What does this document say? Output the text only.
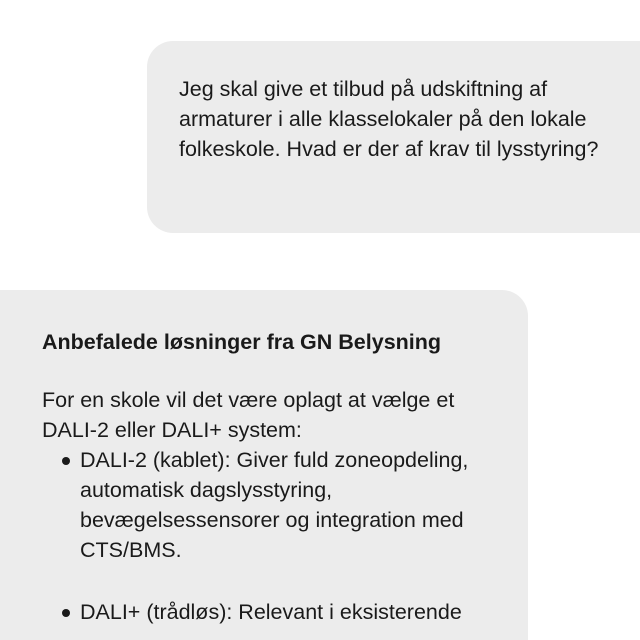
Jeg skal give et tilbud på udskiftning af armaturer i alle klasselokaler på den lokale folkeskole. Hvad er der af krav til lysstyring?

Anbefalede løsninger fra GN Belysning

For en skole vil det være oplagt at vælge et DALI-2 eller DALI+ system:

DALI-2 (kablet): Giver fuld zoneopdeling, automatisk dagslysstyring, bevægelsessensorer og integration med CTS/BMS.
DALI+ (trådløs): Relevant i eksisterende
